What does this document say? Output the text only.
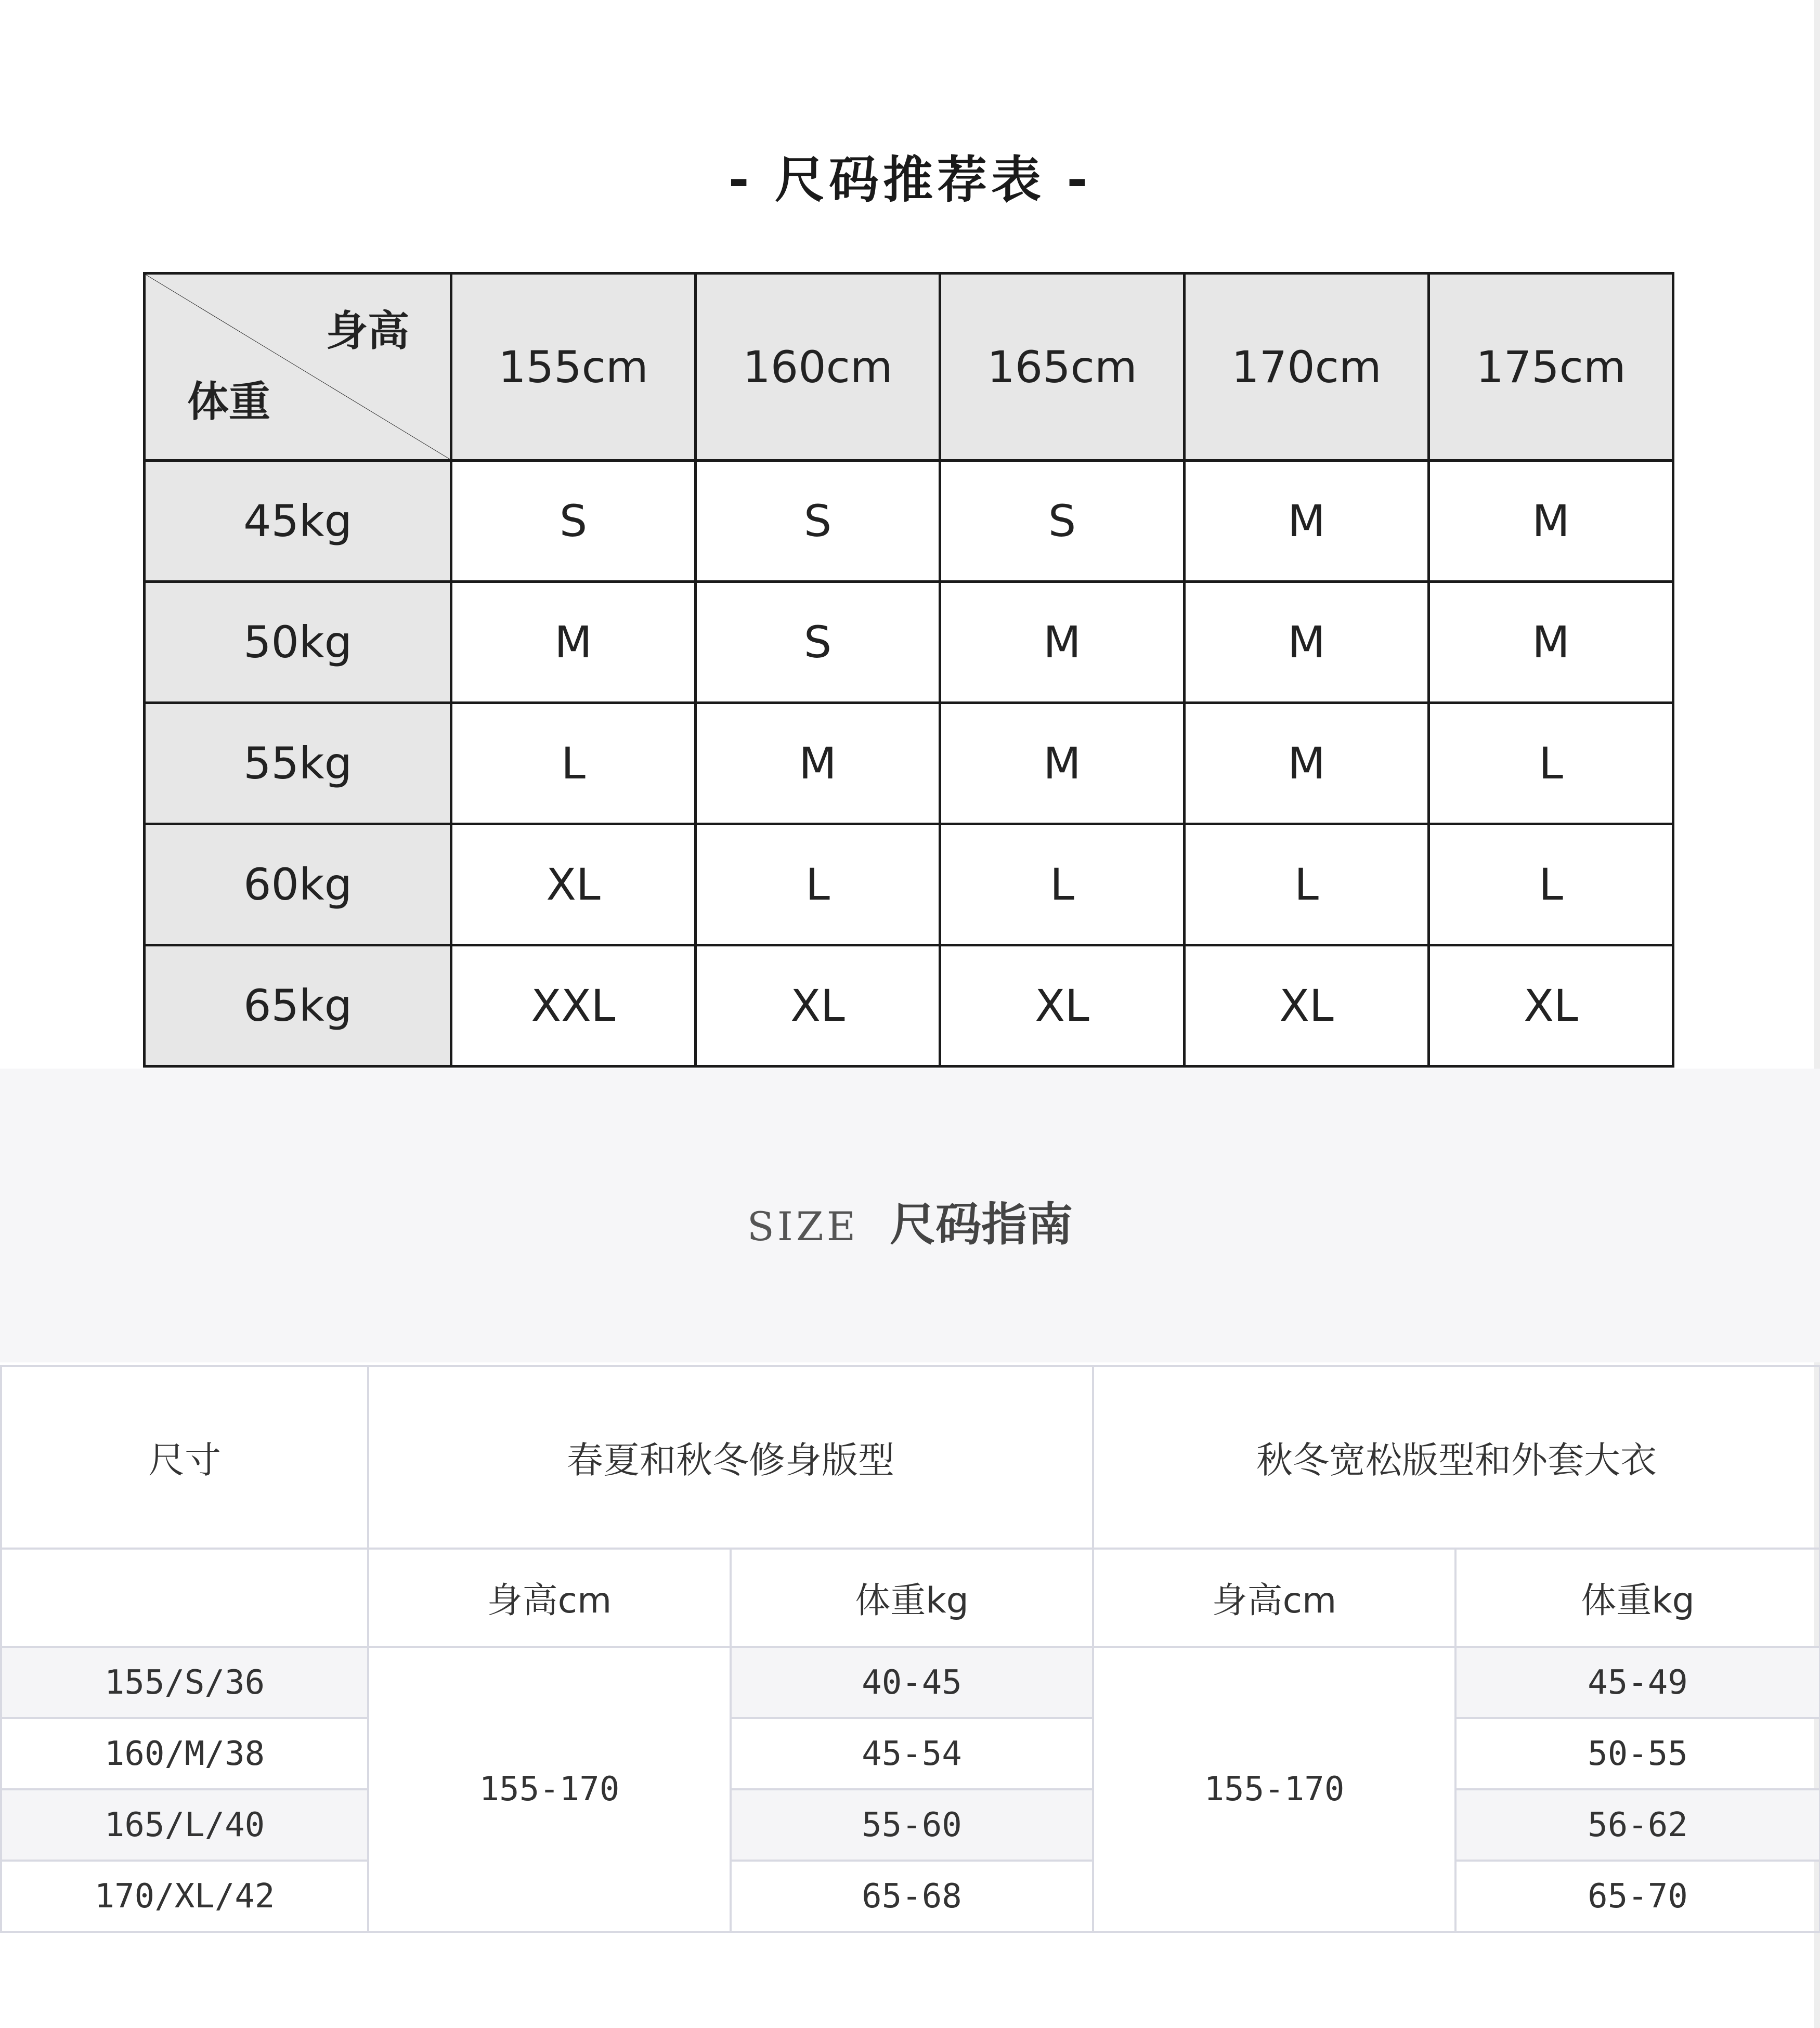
- 尺码推荐表 -
身高
体重	155cm	160cm	165cm	170cm	175cm
45kg	S	S	S	M	M
50kg	M	S	M	M	M
55kg	L	M	M	M	L
60kg	XL	L	L	L	L
65kg	XXL	XL	XL	XL	XL
SIZE 尺码指南
尺寸	春夏和秋冬修身版型		秋冬宽松版型和外套大衣	
	身高cm	体重kg	身高cm	体重kg
155/S/36	155-170	40-45	155-170	45-49
160/M/38		45-54		50-55
165/L/40		55-60		56-62
170/XL/42		65-68		65-70
